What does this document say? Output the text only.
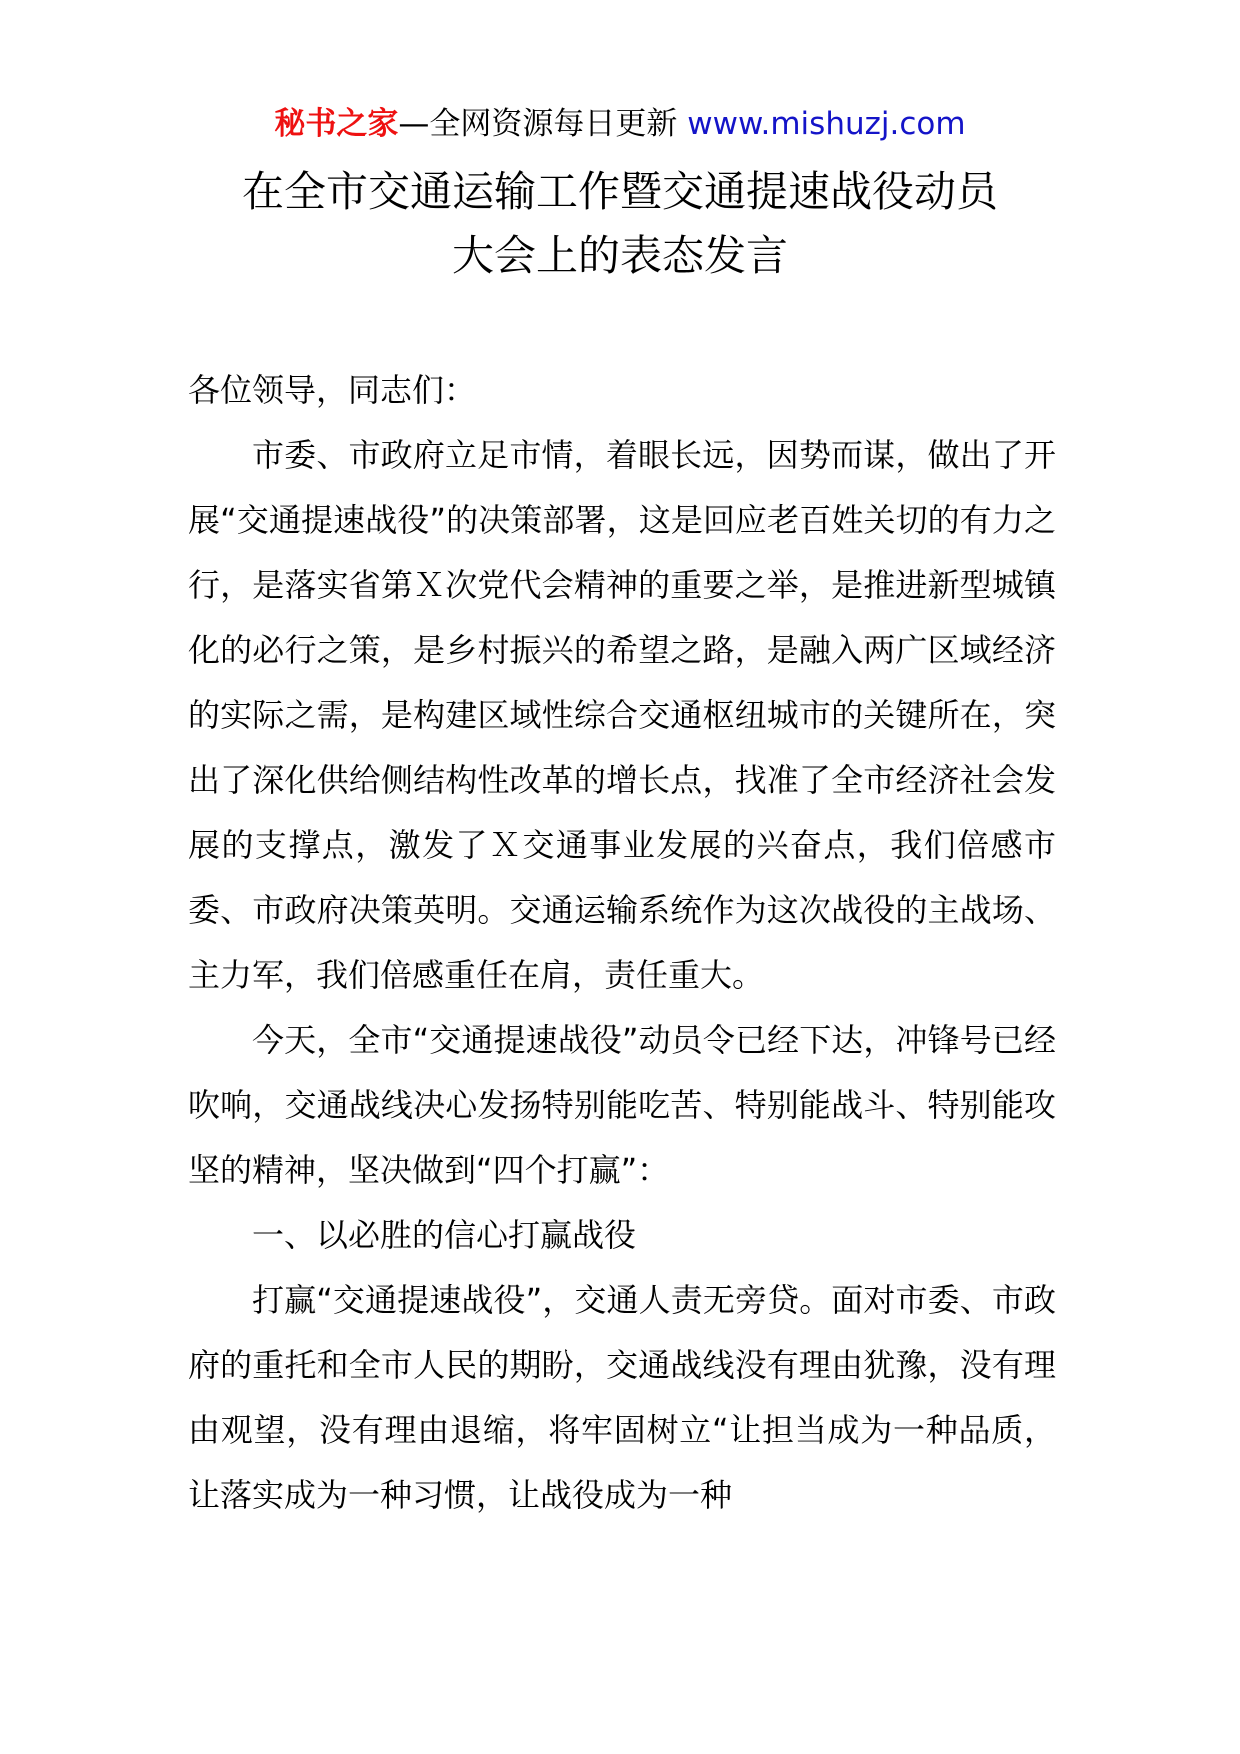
秘书之家—全网资源每日更新 www.mishuzj.com
在全市交通运输工作暨交通提速战役动员
大会上的表态发言

各位领导，同志们：

市委、市政府立足市情，着眼长远，因势而谋，做出了开展“交通提速战役”的决策部署，这是回应老百姓关切的有力之行，是落实省第Ｘ次党代会精神的重要之举，是推进新型城镇化的必行之策，是乡村振兴的希望之路，是融入两广区域经济的实际之需，是构建区域性综合交通枢纽城市的关键所在，突出了深化供给侧结构性改革的增长点，找准了全市经济社会发展的支撑点，激发了Ｘ交通事业发展的兴奋点，我们倍感市委、市政府决策英明。交通运输系统作为这次战役的主战场、主力军，我们倍感重任在肩，责任重大。

今天，全市“交通提速战役”动员令已经下达，冲锋号已经吹响，交通战线决心发扬特别能吃苦、特别能战斗、特别能攻坚的精神，坚决做到“四个打赢”：

一、以必胜的信心打赢战役

打赢“交通提速战役”，交通人责无旁贷。面对市委、市政府的重托和全市人民的期盼，交通战线没有理由犹豫，没有理由观望，没有理由退缩，将牢固树立“让担当成为一种品质，让落实成为一种习惯，让战役成为一种
